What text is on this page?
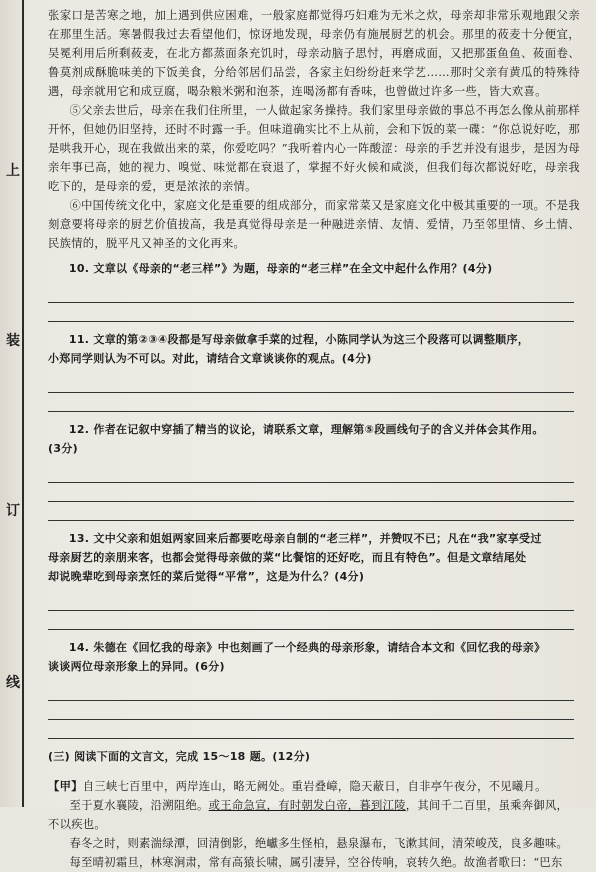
上
装
订
线

张家口是苦寒之地，加上遇到供应困难，一般家庭都觉得巧妇难为无米之炊，母亲却非常乐观地跟父亲在那里生活。寒暑假我过去看望他们，惊讶地发现，母亲仍有施展厨艺的机会。那里的莜麦十分便宜，吴冕利用后所剩莜麦，在北方都蒸面条充饥时，母亲动脑子思忖，再磨成面，又把那蛋鱼鱼、莜面卷、鲁莫剂成酥脆味美的下饭美食，分给邻居们品尝，各家主妇纷纷赶来学艺……那时父亲有黄瓜的特殊待遇，母亲就用它和成豆腐，喝杂粮米粥和泡茶，连喝汤都有香味，也曾做过许多一些，皆大欢喜。

⑤父亲去世后，母亲在我们住所里，一人做起家务操持。我们家里母亲做的事总不再怎么像从前那样开怀，但她仍旧坚持，还时不时露一手。但味道确实比不上从前，会和下饭的菜一碟：“你总说好吃，那是哄我开心，现在我做出来的菜，你爱吃吗？”我听着内心一阵酸涩：母亲的手艺并没有退步，是因为母亲年事已高，她的视力、嗅觉、味觉都在衰退了，掌握不好火候和咸淡，但我们每次都说好吃，母亲我吃下的，是母亲的爱，更是浓浓的亲情。

⑥中国传统文化中，家庭文化是重要的组成部分，而家常菜又是家庭文化中极其重要的一项。不是我刻意要将母亲的厨艺价值拔高，我是真觉得母亲是一种融进亲情、友情、爱情，乃至邻里情、乡土情、民族情的，脱平凡又神圣的文化再来。

10. 文章以《母亲的“老三样”》为题，母亲的“老三样”在全文中起什么作用？(4分)

11. 文章的第②③④段都是写母亲做拿手菜的过程，小陈同学认为这三个段落可以调整顺序，

小郑同学则认为不可以。对此，请结合文章谈谈你的观点。(4分)

12. 作者在记叙中穿插了精当的议论，请联系文章，理解第⑤段画线句子的含义并体会其作用。

(3分)

13. 文中父亲和姐姐两家回来后都要吃母亲自制的“老三样”，并赞叹不已；凡在“我”家享受过

母亲厨艺的亲朋来客，也都会觉得母亲做的菜“比餐馆的还好吃，而且有特色”。但是文章结尾处

却说晚辈吃到母亲烹饪的菜后觉得“平常”，这是为什么？(4分)

14. 朱德在《回忆我的母亲》中也刻画了一个经典的母亲形象，请结合本文和《回忆我的母亲》

谈谈两位母亲形象上的异同。(6分)

(三) 阅读下面的文言文，完成 15～18 题。(12分)

【甲】自三峡七百里中，两岸连山，略无阙处。重岩叠嶂，隐天蔽日，自非亭午夜分，不见曦月。

至于夏水襄陵，沿溯阻绝。或王命急宣，有时朝发白帝，暮到江陵，其间千二百里，虽乘奔御风，

不以疾也。

春冬之时，则素湍绿潭，回清倒影，绝巘多生怪柏，悬泉瀑布，飞漱其间，清荣峻茂，良多趣味。

每至晴初霜旦，林寒涧肃，常有高猿长啸，属引凄异，空谷传响，哀转久绝。故渔者歌曰：“巴东
